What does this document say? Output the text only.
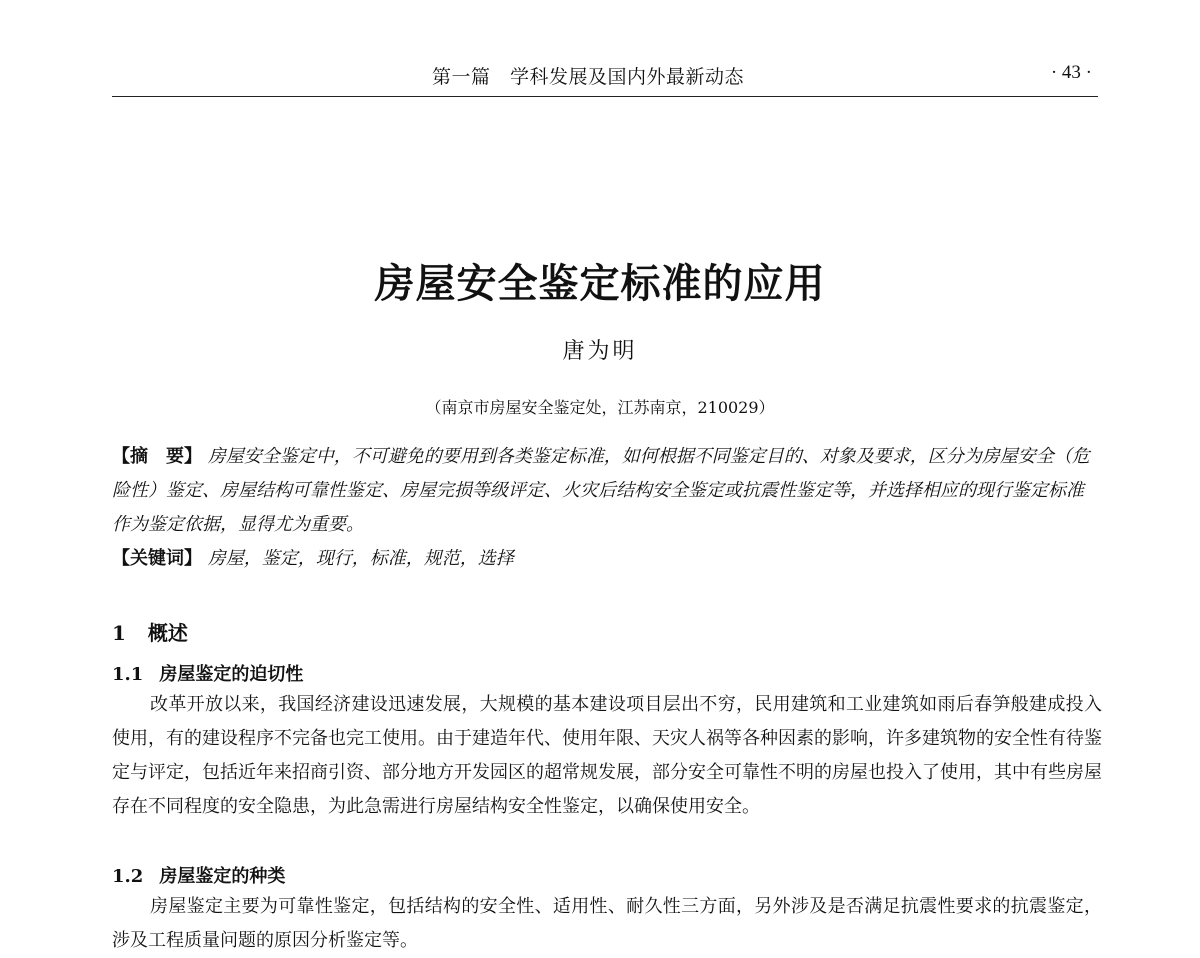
第一篇　学科发展及国内外最新动态	· 43 ·
房屋安全鉴定标准的应用
唐为明
（南京市房屋安全鉴定处，江苏南京，210029）
【摘　要】 房屋安全鉴定中，不可避免的要用到各类鉴定标准，如何根据不同鉴定目的、对象及要求，区分为房屋安全（危险性）鉴定、房屋结构可靠性鉴定、房屋完损等级评定、火灾后结构安全鉴定或抗震性鉴定等，并选择相应的现行鉴定标准作为鉴定依据，显得尤为重要。
【关键词】 房屋，鉴定，现行，标准，规范，选择
1 概述
1.1 房屋鉴定的迫切性
改革开放以来，我国经济建设迅速发展，大规模的基本建设项目层出不穷，民用建筑和工业建筑如雨后春笋般建成投入使用，有的建设程序不完备也完工使用。由于建造年代、使用年限、天灾人祸等各种因素的影响，许多建筑物的安全性有待鉴定与评定，包括近年来招商引资、部分地方开发园区的超常规发展，部分安全可靠性不明的房屋也投入了使用，其中有些房屋存在不同程度的安全隐患，为此急需进行房屋结构安全性鉴定，以确保使用安全。
1.2 房屋鉴定的种类
房屋鉴定主要为可靠性鉴定，包括结构的安全性、适用性、耐久性三方面，另外涉及是否满足抗震性要求的抗震鉴定，涉及工程质量问题的原因分析鉴定等。
